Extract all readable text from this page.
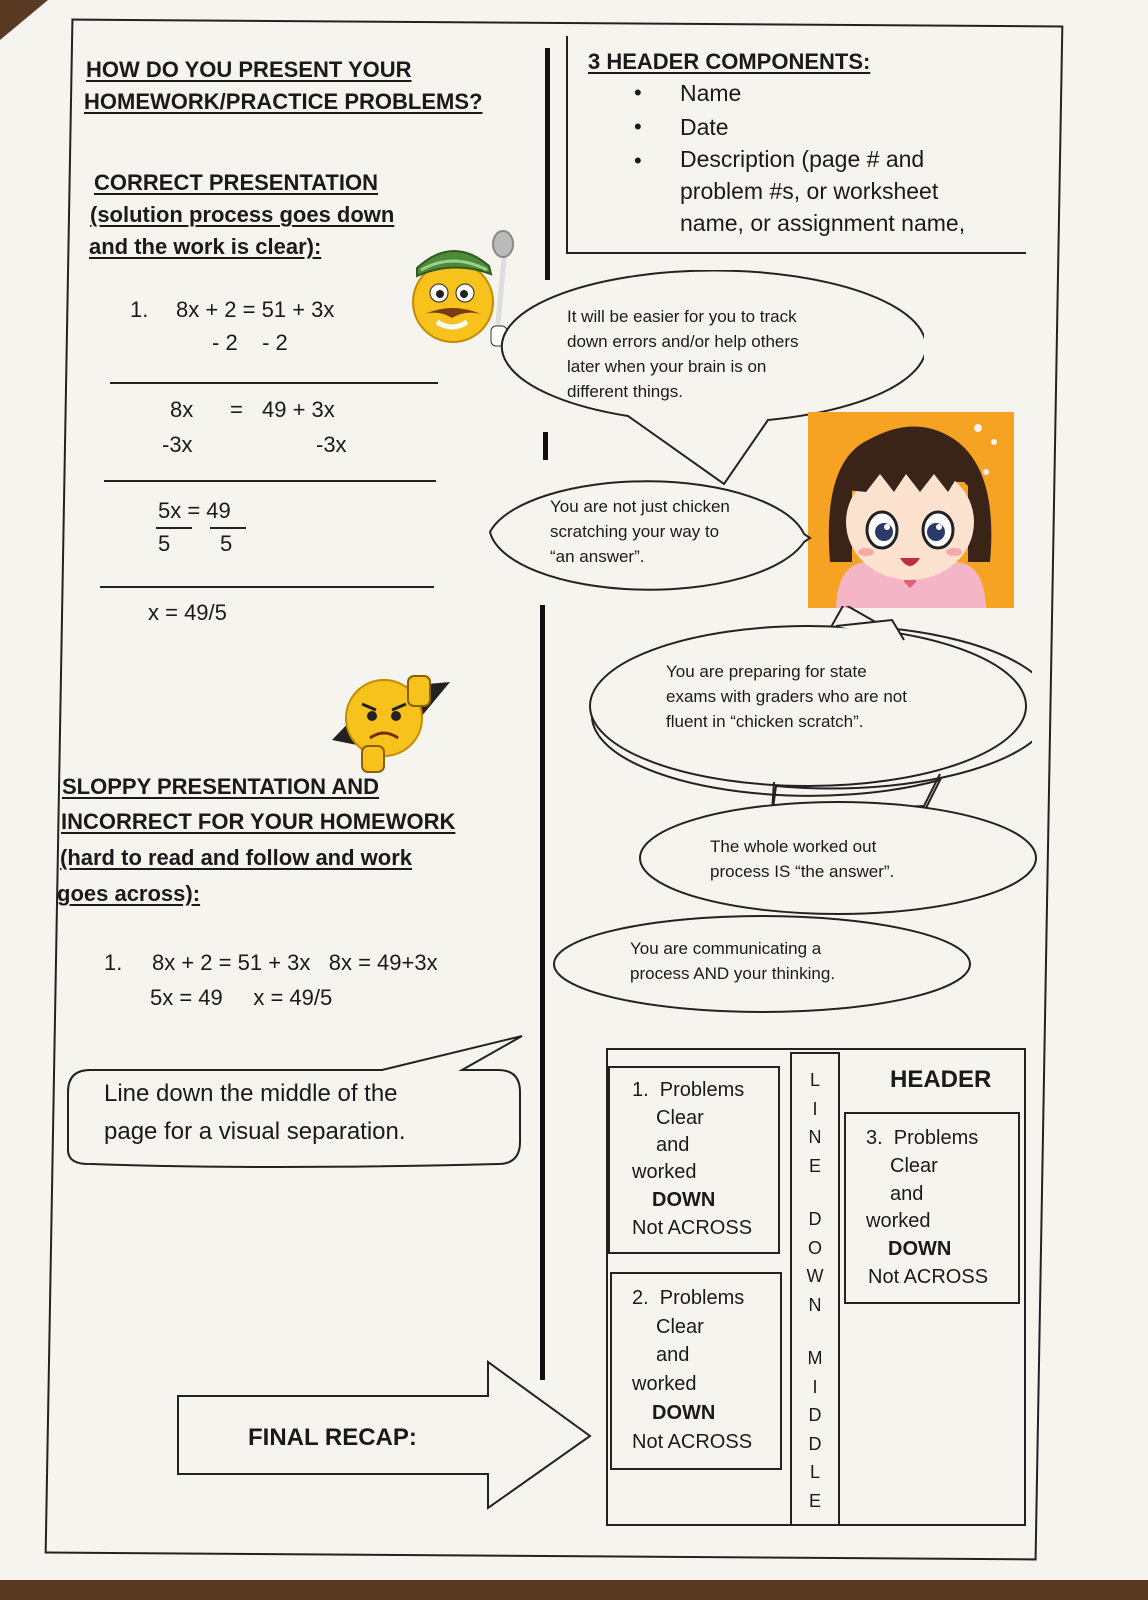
HOW DO YOU PRESENT YOUR
HOMEWORK/PRACTICE PROBLEMS?
CORRECT PRESENTATION
(solution process goes down
and the work is clear):
1. 8x + 2 = 51 + 3x
- 2    - 2
8x = 49 + 3x
-3x	-3x
5x = 49
5 5
x = 49/5
SLOPPY PRESENTATION AND
INCORRECT FOR YOUR HOMEWORK
(hard to read and follow and work
goes across):
1. 8x + 2 = 51 + 3x   8x = 49+3x
5x = 49     x = 49/5
Line down the middle of the
page for a visual separation.
FINAL RECAP:
3 HEADER COMPONENTS:
• Name
• Date
• Description (page # and
problem #s, or worksheet
name, or assignment name,
It will be easier for you to track
down errors and/or help others
later when your brain is on
different things.
You are not just chicken
scratching your way to
“an answer”.
You are preparing for state
exams with graders who are not
fluent in “chicken scratch”.
The whole worked out
process IS “the answer”.
You are communicating a
process AND your thinking.
HEADER
1.  Problems
Clear
and
worked
DOWN
Not ACROSS
2.  Problems
Clear
and
worked
DOWN
Not ACROSS
3.  Problems
Clear
and
worked
DOWN
Not ACROSS
L
I
N
E
D
O
W
N
M
I
D
D
L
E
